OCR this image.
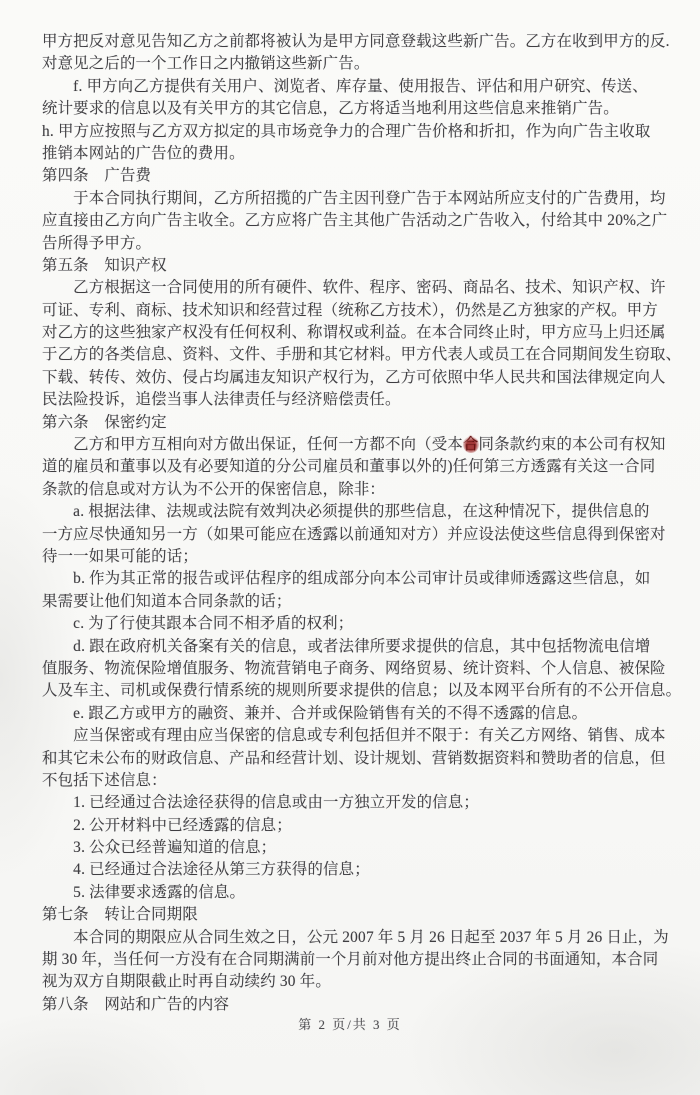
甲方把反对意见告知乙方之前都将被认为是甲方同意登载这些新广告。乙方在收到甲方的反.
对意见之后的一个工作日之内撤销这些新广告。
　　f. 甲方向乙方提供有关用户、浏览者、库存量、使用报告、评估和用户研究、传送、
统计要求的信息以及有关甲方的其它信息，乙方将适当地利用这些信息来推销广告。
h. 甲方应按照与乙方双方拟定的具市场竞争力的合理广告价格和折扣，作为向广告主收取
推销本网站的广告位的费用。
第四条　广告费
　　于本合同执行期间，乙方所招揽的广告主因刊登广告于本网站所应支付的广告费用，均
应直接由乙方向广告主收全。乙方应将广告主其他广告活动之广告收入，付给其中 20%之广
告所得予甲方。
第五条　知识产权
　　乙方根据这一合同使用的所有硬件、软件、程序、密码、商品名、技术、知识产权、许
可证、专利、商标、技术知识和经营过程（统称乙方技术），仍然是乙方独家的产权。甲方
对乙方的这些独家产权没有任何权利、称谓权或利益。在本合同终止时，甲方应马上归还属
于乙方的各类信息、资料、文件、手册和其它材料。甲方代表人或员工在合同期间发生窃取、
下载、转传、效仿、侵占均属违友知识产权行为，乙方可依照中华人民共和国法律规定向人
民法险投诉，追偿当事人法律责任与经济赔偿责任。
第六条　保密约定
　　乙方和甲方互相向对方做出保证，任何一方都不向（受本合同条款约束的本公司有权知
道的雇员和董事以及有必要知道的分公司雇员和董事以外的)任何第三方透露有关这一合同
条款的信息或对方认为不公开的保密信息，除非：
　　a. 根据法律、法规或法院有效判决必须提供的那些信息，在这种情况下，提供信息的
一方应尽快通知另一方（如果可能应在透露以前通知对方）并应设法使这些信息得到保密对
待一一如果可能的话；
　　b. 作为其正常的报告或评估程序的组成部分向本公司审计员或律师透露这些信息，如
果需要让他们知道本合同条款的话；
　　c. 为了行使其跟本合同不相矛盾的权利；
　　d. 跟在政府机关备案有关的信息，或者法律所要求提供的信息，其中包括物流电信增
值服务、物流保险增值服务、物流营销电子商务、网络贸易、统计资料、个人信息、被保险
人及车主、司机或保费行情系统的规则所要求提供的信息；以及本网平台所有的不公开信息。
　　e. 跟乙方或甲方的融资、兼并、合并或保险销售有关的不得不透露的信息。
　　应当保密或有理由应当保密的信息或专利包括但并不限于：有关乙方网络、销售、成本
和其它未公布的财政信息、产品和经营计划、设计规划、营销数据资料和赞助者的信息，但
不包括下述信息：
　　1. 已经通过合法途径获得的信息或由一方独立开发的信息；
　　2. 公开材料中已经透露的信息；
　　3. 公众已经普遍知道的信息；
　　4. 已经通过合法途径从第三方获得的信息；
　　5. 法律要求透露的信息。
第七条　转让合同期限
　　本合同的期限应从合同生效之日，公元 2007 年 5 月 26 日起至 2037 年 5 月 26 日止，为
期 30 年，当任何一方没有在合同期满前一个月前对他方提出终止合同的书面通知，本合同
视为双方自期限截止时再自动续约 30 年。
第八条　网站和广告的内容
第 2 页/共 3 页
